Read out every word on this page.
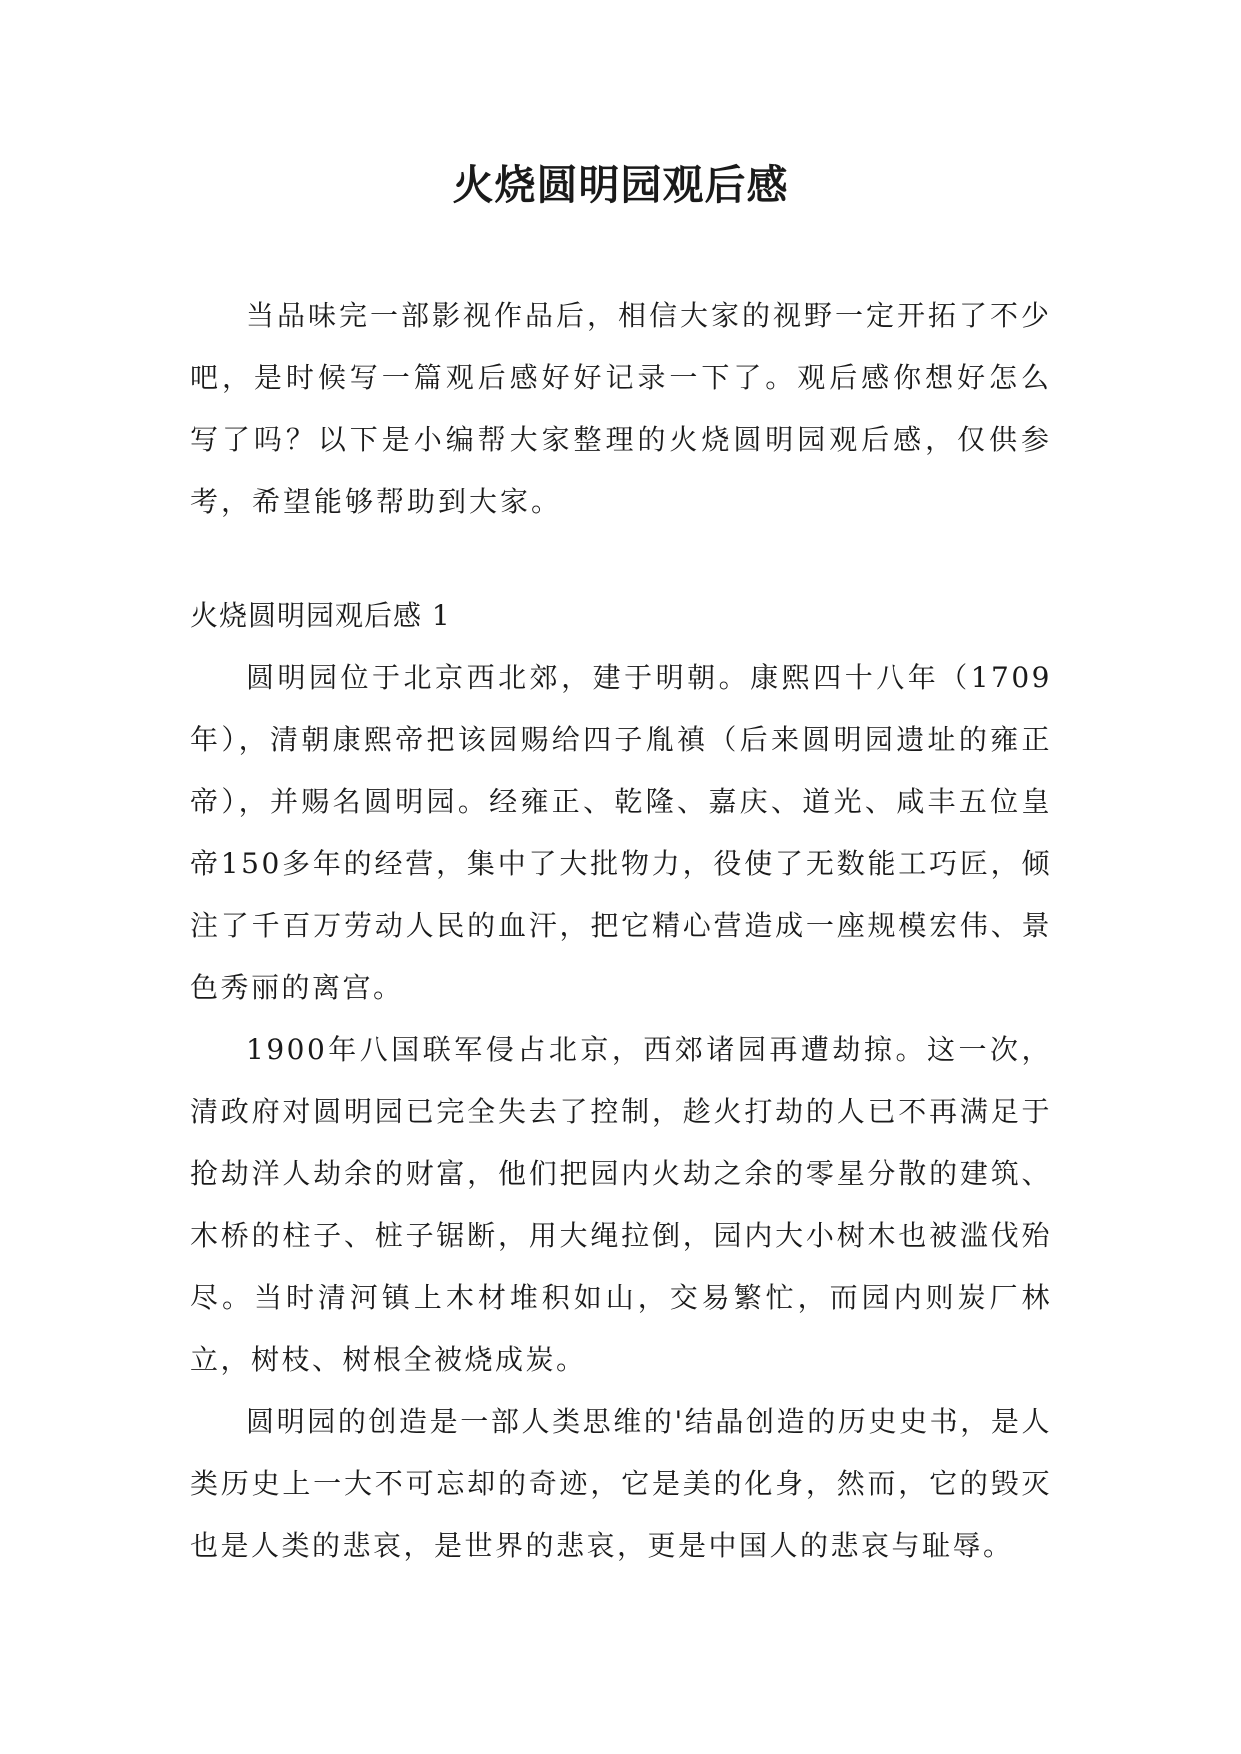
火烧圆明园观后感

当品味完一部影视作品后，相信大家的视野一定开拓了不少吧，是时候写一篇观后感好好记录一下了。观后感你想好怎么写了吗？以下是小编帮大家整理的火烧圆明园观后感，仅供参考，希望能够帮助到大家。

火烧圆明园观后感 1

圆明园位于北京西北郊，建于明朝。康熙四十八年（1709年），清朝康熙帝把该园赐给四子胤禛（后来圆明园遗址的雍正帝），并赐名圆明园。经雍正、乾隆、嘉庆、道光、咸丰五位皇帝150多年的经营，集中了大批物力，役使了无数能工巧匠，倾注了千百万劳动人民的血汗，把它精心营造成一座规模宏伟、景色秀丽的离宫。

1900年八国联军侵占北京，西郊诸园再遭劫掠。这一次，清政府对圆明园已完全失去了控制，趁火打劫的人已不再满足于抢劫洋人劫余的财富，他们把园内火劫之余的零星分散的建筑、木桥的柱子、桩子锯断，用大绳拉倒，园内大小树木也被滥伐殆尽。当时清河镇上木材堆积如山，交易繁忙，而园内则炭厂林立，树枝、树根全被烧成炭。

圆明园的创造是一部人类思维的'结晶创造的历史史书，是人类历史上一大不可忘却的奇迹，它是美的化身，然而，它的毁灭也是人类的悲哀，是世界的悲哀，更是中国人的悲哀与耻辱。
